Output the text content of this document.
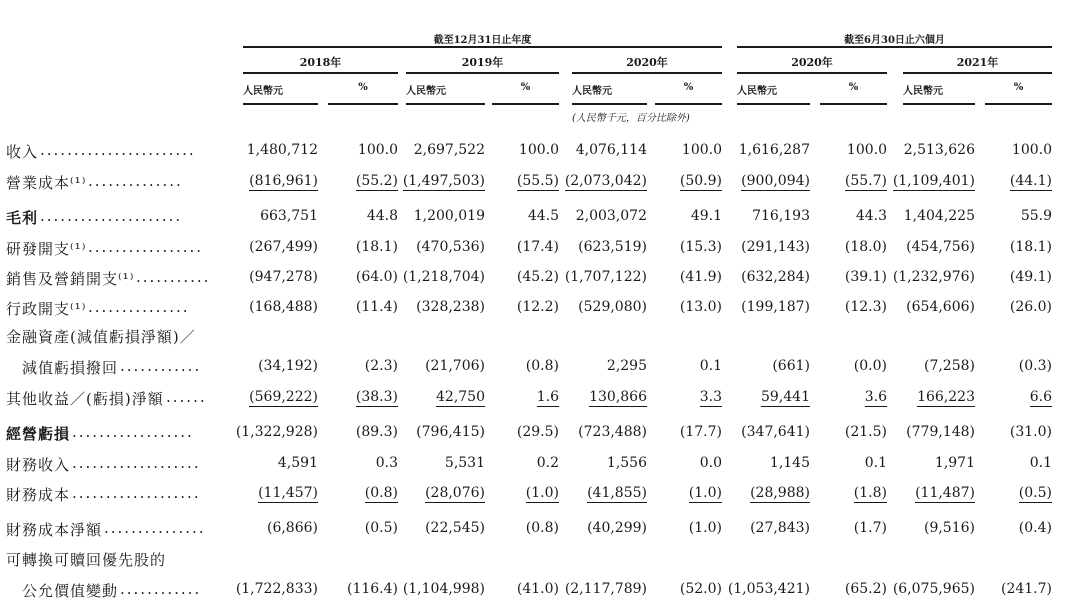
截至12月31日止年度	截至6月30日止六個月
2018年	2019年	2020年	2020年	2021年
人民幣元	%	人民幣元	%	人民幣元	%	人民幣元	%	人民幣元	%
(人民幣千元，百分比除外)
收入 .......................	1,480,712	100.0 2,697,522 100.0 4,076,114 100.0 1,616,287	100.0 2,513,626	100.0
營業成本⁽¹⁾ ..............	(816,961)	(55.2) (1,497,503) (55.5) (2,073,042) (50.9) (900,094) (55.7) (1,109,401) (44.1)
毛利 .....................	663,751	44.8 1,200,019	44.5 2,003,072	49.1 716,193	44.3 1,404,225	55.9
研發開支⁽¹⁾ .................	(267,499)	(18.1) (470,536) (17.4) (623,519) (15.3) (291,143) (18.0) (454,756) (18.1)
銷售及營銷開支⁽¹⁾ ...........	(947,278)	(64.0) (1,218,704) (45.2) (1,707,122) (41.9) (632,284) (39.1) (1,232,976) (49.1)
行政開支⁽¹⁾ ...............	(168,488)	(11.4) (328,238) (12.2) (529,080) (13.0) (199,187) (12.3) (654,606) (26.0)
金融資產(減值虧損淨額)／
減值虧損撥回 ............	(34,192)	(2.3) (21,706)	(0.8)	2,295	0.1	(661)	(0.0)	(7,258)	(0.3)
其他收益／(虧損)淨額 ......	(569,222)	(38.3)	42,750	1.6 130,866	3.3	59,441	3.6 166,223	6.6
經營虧損 ..................	(1,322,928)	(89.3) (796,415) (29.5) (723,488) (17.7) (347,641) (21.5) (779,148) (31.0)
財務收入 ...................	4,591	0.3	5,531	0.2	1,556	0.0	1,145	0.1	1,971	0.1
財務成本 ...................	(11,457)	(0.8) (28,076)	(1.0) (41,855)	(1.0) (28,988)	(1.8) (11,487)	(0.5)
財務成本淨額 ...............	(6,866)	(0.5) (22,545)	(0.8) (40,299)	(1.0) (27,843)	(1.7)	(9,516)	(0.4)
可轉換可贖回優先股的
公允價值變動 ............ (1,722,833) (116.4) (1,104,998) (41.0) (2,117,789) (52.0) (1,053,421) (65.2) (6,075,965) (241.7)
